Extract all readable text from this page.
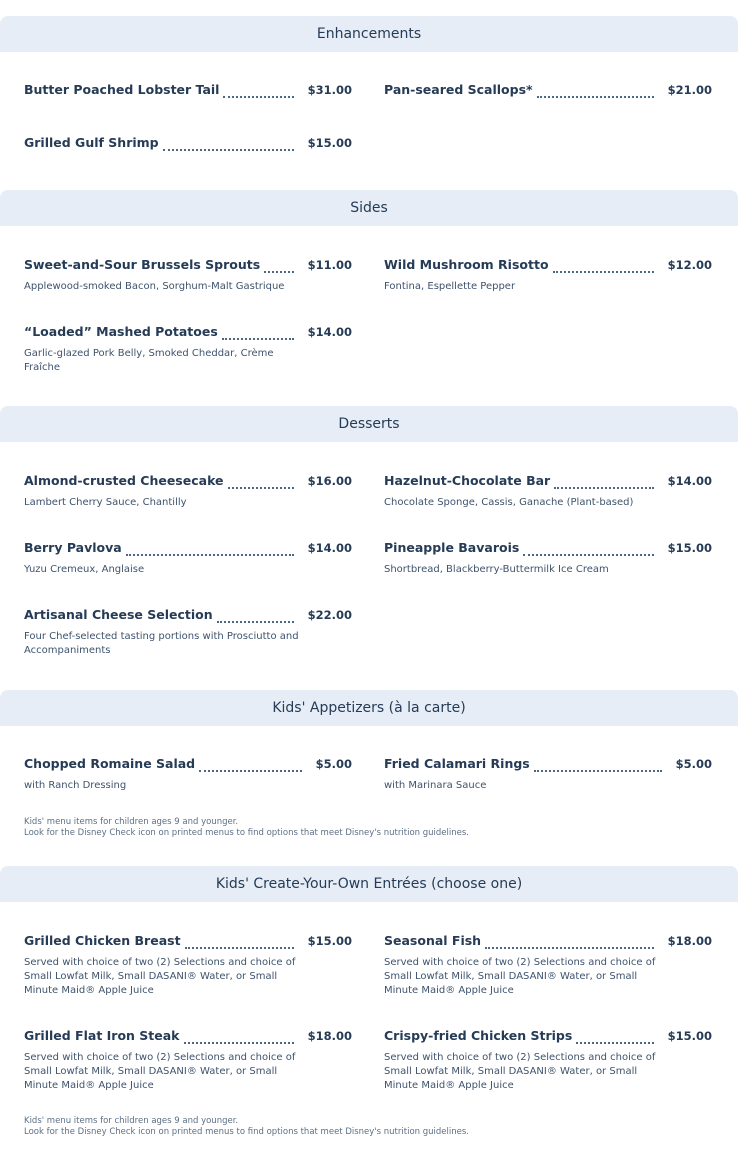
Enhancements
Butter Poached Lobster Tail	$31.00	Pan-seared Scallops*	$21.00
Grilled Gulf Shrimp	$15.00
Sides
Sweet-and-Sour Brussels Sprouts	$11.00
Applewood-smoked Bacon, Sorghum-Malt Gastrique
Wild Mushroom Risotto	$12.00
Fontina, Espellette Pepper
“Loaded” Mashed Potatoes	$14.00
Garlic-glazed Pork Belly, Smoked Cheddar, Crème Fraîche
Desserts
Almond-crusted Cheesecake	$16.00
Lambert Cherry Sauce, Chantilly
Hazelnut-Chocolate Bar	$14.00
Chocolate Sponge, Cassis, Ganache (Plant-based)
Berry Pavlova	$14.00
Yuzu Cremeux, Anglaise
Pineapple Bavarois	$15.00
Shortbread, Blackberry-Buttermilk Ice Cream
Artisanal Cheese Selection	$22.00
Four Chef-selected tasting portions with Prosciutto and Accompaniments
Kids' Appetizers (à la carte)
Chopped Romaine Salad	$5.00
with Ranch Dressing
Fried Calamari Rings	$5.00
with Marinara Sauce
Kids' menu items for children ages 9 and younger.
Look for the Disney Check icon on printed menus to find options that meet Disney's nutrition guidelines.
Kids' Create-Your-Own Entrées (choose one)
Grilled Chicken Breast	$15.00
Served with choice of two (2) Selections and choice of Small Lowfat Milk, Small DASANI® Water, or Small Minute Maid® Apple Juice
Seasonal Fish	$18.00
Served with choice of two (2) Selections and choice of Small Lowfat Milk, Small DASANI® Water, or Small Minute Maid® Apple Juice
Grilled Flat Iron Steak	$18.00
Served with choice of two (2) Selections and choice of Small Lowfat Milk, Small DASANI® Water, or Small Minute Maid® Apple Juice
Crispy-fried Chicken Strips	$15.00
Served with choice of two (2) Selections and choice of Small Lowfat Milk, Small DASANI® Water, or Small Minute Maid® Apple Juice
Kids' menu items for children ages 9 and younger.
Look for the Disney Check icon on printed menus to find options that meet Disney's nutrition guidelines.
